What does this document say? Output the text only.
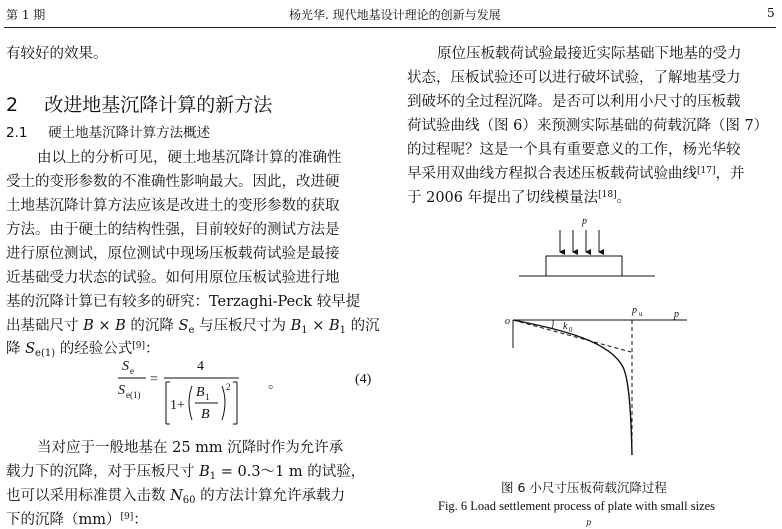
第 1 期	杨光华. 现代地基设计理论的创新与发展	5
有较好的效果。
2 改进地基沉降计算的新方法
2.1 硬土地基沉降计算方法概述
由以上的分析可见，硬土地基沉降计算的准确性
受土的变形参数的不准确性影响最大。因此，改进硬
土地基沉降计算方法应该是改进土的变形参数的获取
方法。由于硬土的结构性强，目前较好的测试方法是
进行原位测试，原位测试中现场压板载荷试验是最接
近基础受力状态的试验。如何用原位压板试验进行地
基的沉降计算已有较多的研究：Terzaghi-Peck 较早提
出基础尺寸 B × B 的沉降 $S_e$ 与压板尺寸为 $B_1 \times B_1$ 的沉
降 $S_{e(1)}$ 的经验公式[9]：
S e
S e(1)
=
4
1+
B 1
B
2	。	(4)
当对应于一般地基在 25 mm 沉降时作为允许承
载力下的沉降，对于压板尺寸 $B_1$ = 0.3～1 m 的试验，
也可以采用标准贯入击数 $N_{60}$ 的方法计算允许承载力
下的沉降（mm）[9]：
原位压板载荷试验最接近实际基础下地基的受力
状态，压板试验还可以进行破坏试验，了解地基受力
到破坏的全过程沉降。是否可以利用小尺寸的压板载
荷试验曲线（图 6）来预测实际基础的荷载沉降（图 7）
的过程呢？这是一个具有重要意义的工作，杨光华较
早采用双曲线方程拟合表述压板载荷试验曲线[17]，并
于 2006 年提出了切线模量法[18]。
p
o
p
p u
k 0
图 6 小尺寸压板荷载沉降过程
Fig. 6 Load settlement process of plate with small sizes
p
